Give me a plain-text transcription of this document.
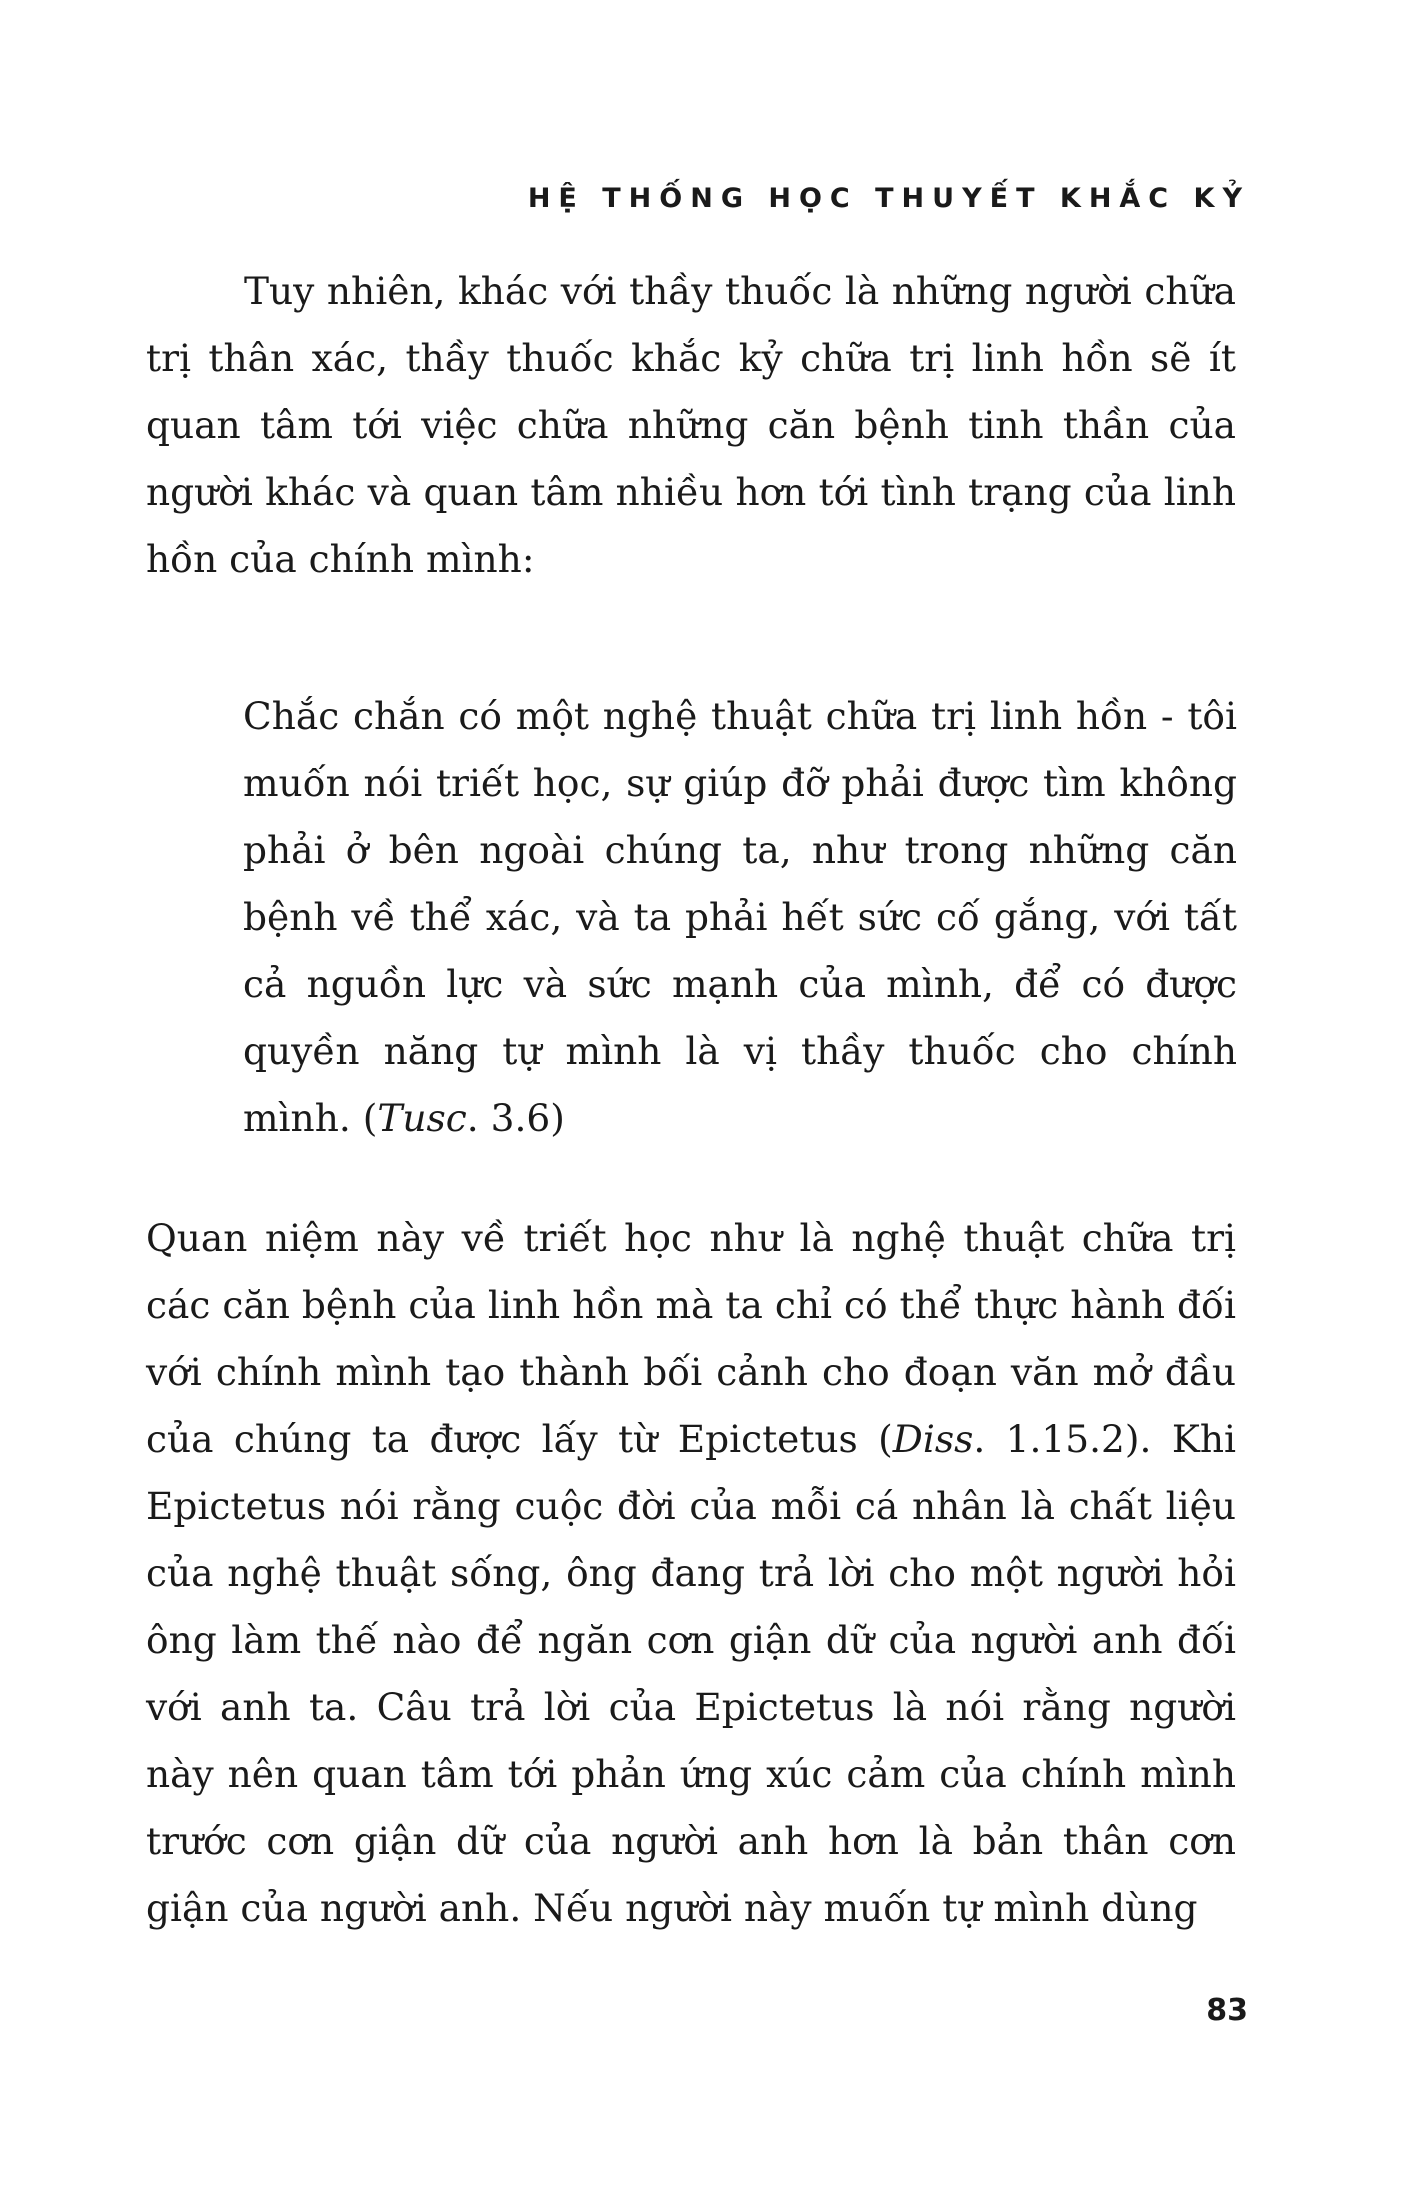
HỆ THỐNG HỌC THUYẾT KHẮC KỶ

Tuy nhiên, khác với thầy thuốc là những người chữa trị thân xác, thầy thuốc khắc kỷ chữa trị linh hồn sẽ ít quan tâm tới việc chữa những căn bệnh tinh thần của người khác và quan tâm nhiều hơn tới tình trạng của linh hồn của chính mình:

Chắc chắn có một nghệ thuật chữa trị linh hồn - tôi muốn nói triết học, sự giúp đỡ phải được tìm không phải ở bên ngoài chúng ta, như trong những căn bệnh về thể xác, và ta phải hết sức cố gắng, với tất cả nguồn lực và sức mạnh của mình, để có được quyền năng tự mình là vị thầy thuốc cho chính mình. (Tusc. 3.6)

Quan niệm này về triết học như là nghệ thuật chữa trị các căn bệnh của linh hồn mà ta chỉ có thể thực hành đối với chính mình tạo thành bối cảnh cho đoạn văn mở đầu của chúng ta được lấy từ Epictetus (Diss. 1.15.2). Khi Epictetus nói rằng cuộc đời của mỗi cá nhân là chất liệu của nghệ thuật sống, ông đang trả lời cho một người hỏi ông làm thế nào để ngăn cơn giận dữ của người anh đối với anh ta. Câu trả lời của Epictetus là nói rằng người này nên quan tâm tới phản ứng xúc cảm của chính mình trước cơn giận dữ của người anh hơn là bản thân cơn giận của người anh. Nếu người này muốn tự mình dùng

83
